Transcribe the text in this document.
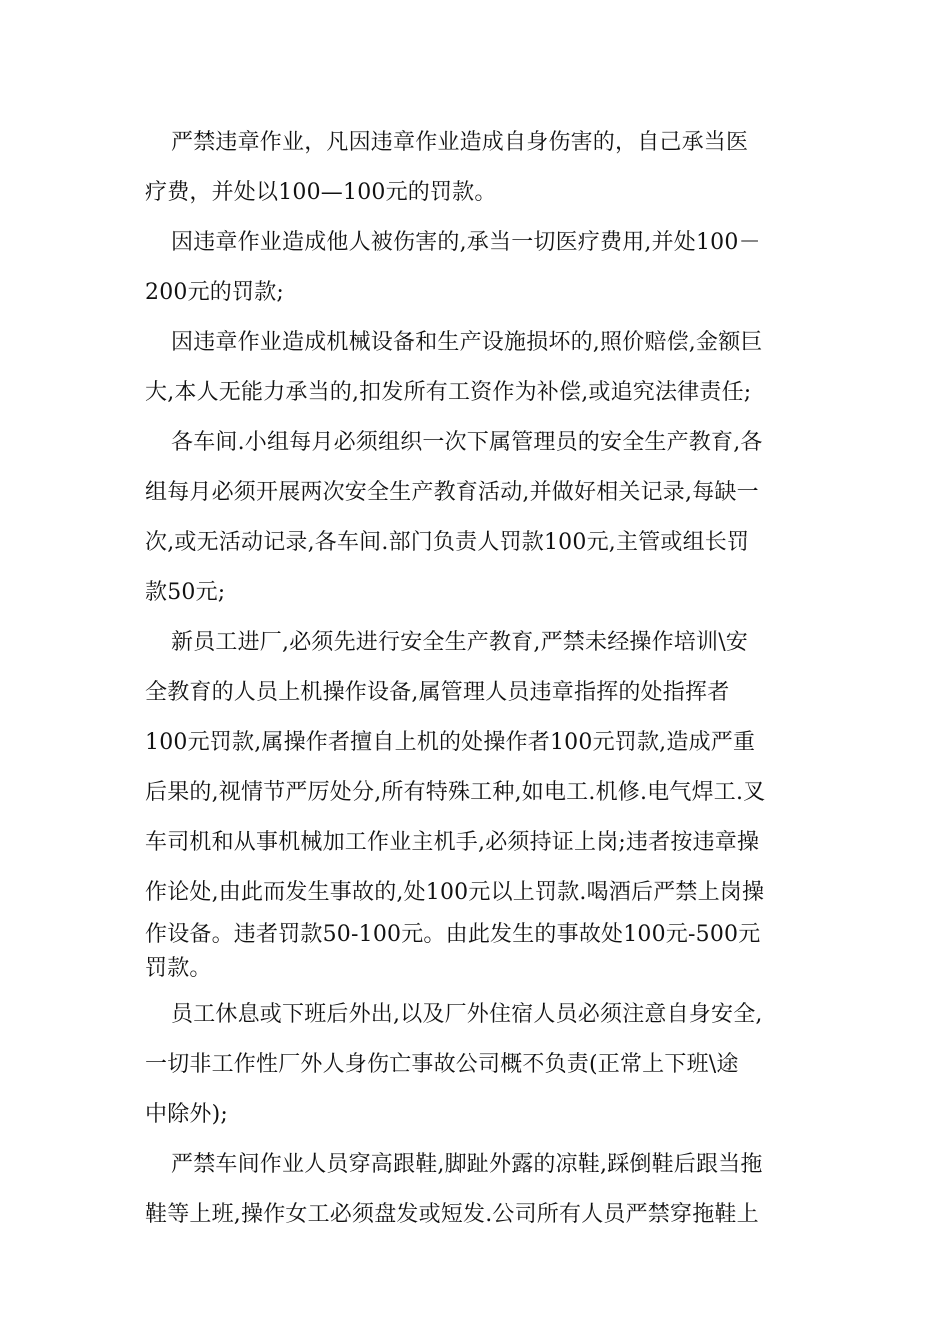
严禁违章作业，凡因违章作业造成自身伤害的，自己承当医
疗费，并处以100—100元的罚款。
因违章作业造成他人被伤害的,承当一切医疗费用,并处100－
200元的罚款;
因违章作业造成机械设备和生产设施损坏的,照价赔偿,金额巨
大,本人无能力承当的,扣发所有工资作为补偿,或追究法律责任;
各车间.小组每月必须组织一次下属管理员的安全生产教育,各
组每月必须开展两次安全生产教育活动,并做好相关记录,每缺一
次,或无活动记录,各车间.部门负责人罚款100元,主管或组长罚
款50元;
新员工进厂,必须先进行安全生产教育,严禁未经操作培训\安
全教育的人员上机操作设备,属管理人员违章指挥的处指挥者
100元罚款,属操作者擅自上机的处操作者100元罚款,造成严重
后果的,视情节严厉处分,所有特殊工种,如电工.机修.电气焊工.叉
车司机和从事机械加工作业主机手,必须持证上岗;违者按违章操
作论处,由此而发生事故的,处100元以上罚款.喝酒后严禁上岗操
作设备。违者罚款50-100元。由此发生的事故处100元-500元
罚款。
员工休息或下班后外出,以及厂外住宿人员必须注意自身安全,
一切非工作性厂外人身伤亡事故公司概不负责(正常上下班\途
中除外);
严禁车间作业人员穿高跟鞋,脚趾外露的凉鞋,踩倒鞋后跟当拖
鞋等上班,操作女工必须盘发或短发.公司所有人员严禁穿拖鞋上
